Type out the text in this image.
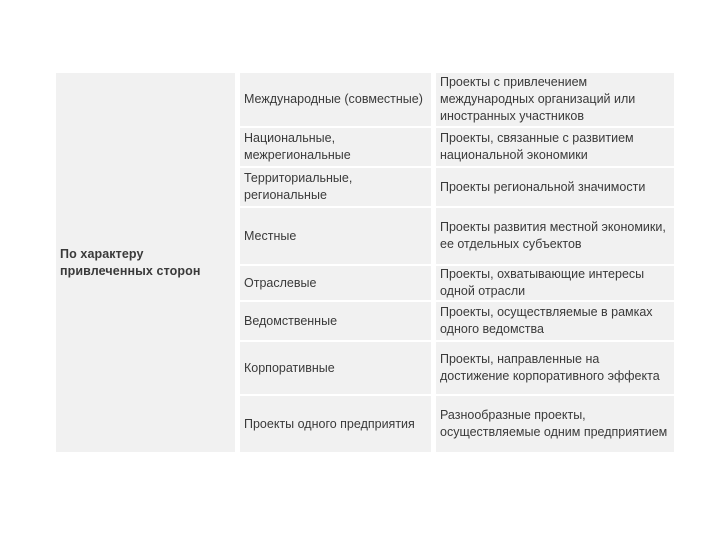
По характеру привлеченных сторон	Международные (совместные)	Проекты с привлечением международных организаций или иностранных участников
	Национальные, межрегиональные	Проекты, связанные с развитием национальной экономики
	Территориальные, региональные	Проекты региональной значимости
	Местные	Проекты развития местной экономики, ее отдельных субъектов
	Отраслевые	Проекты, охватывающие интересы одной отрасли
	Ведомственные	Проекты, осуществляемые в рамках одного ведомства
	Корпоративные	Проекты, направленные на достижение корпоративного эффекта
	Проекты одного предприятия	Разнообразные проекты, осуществляемые одним предприятием
